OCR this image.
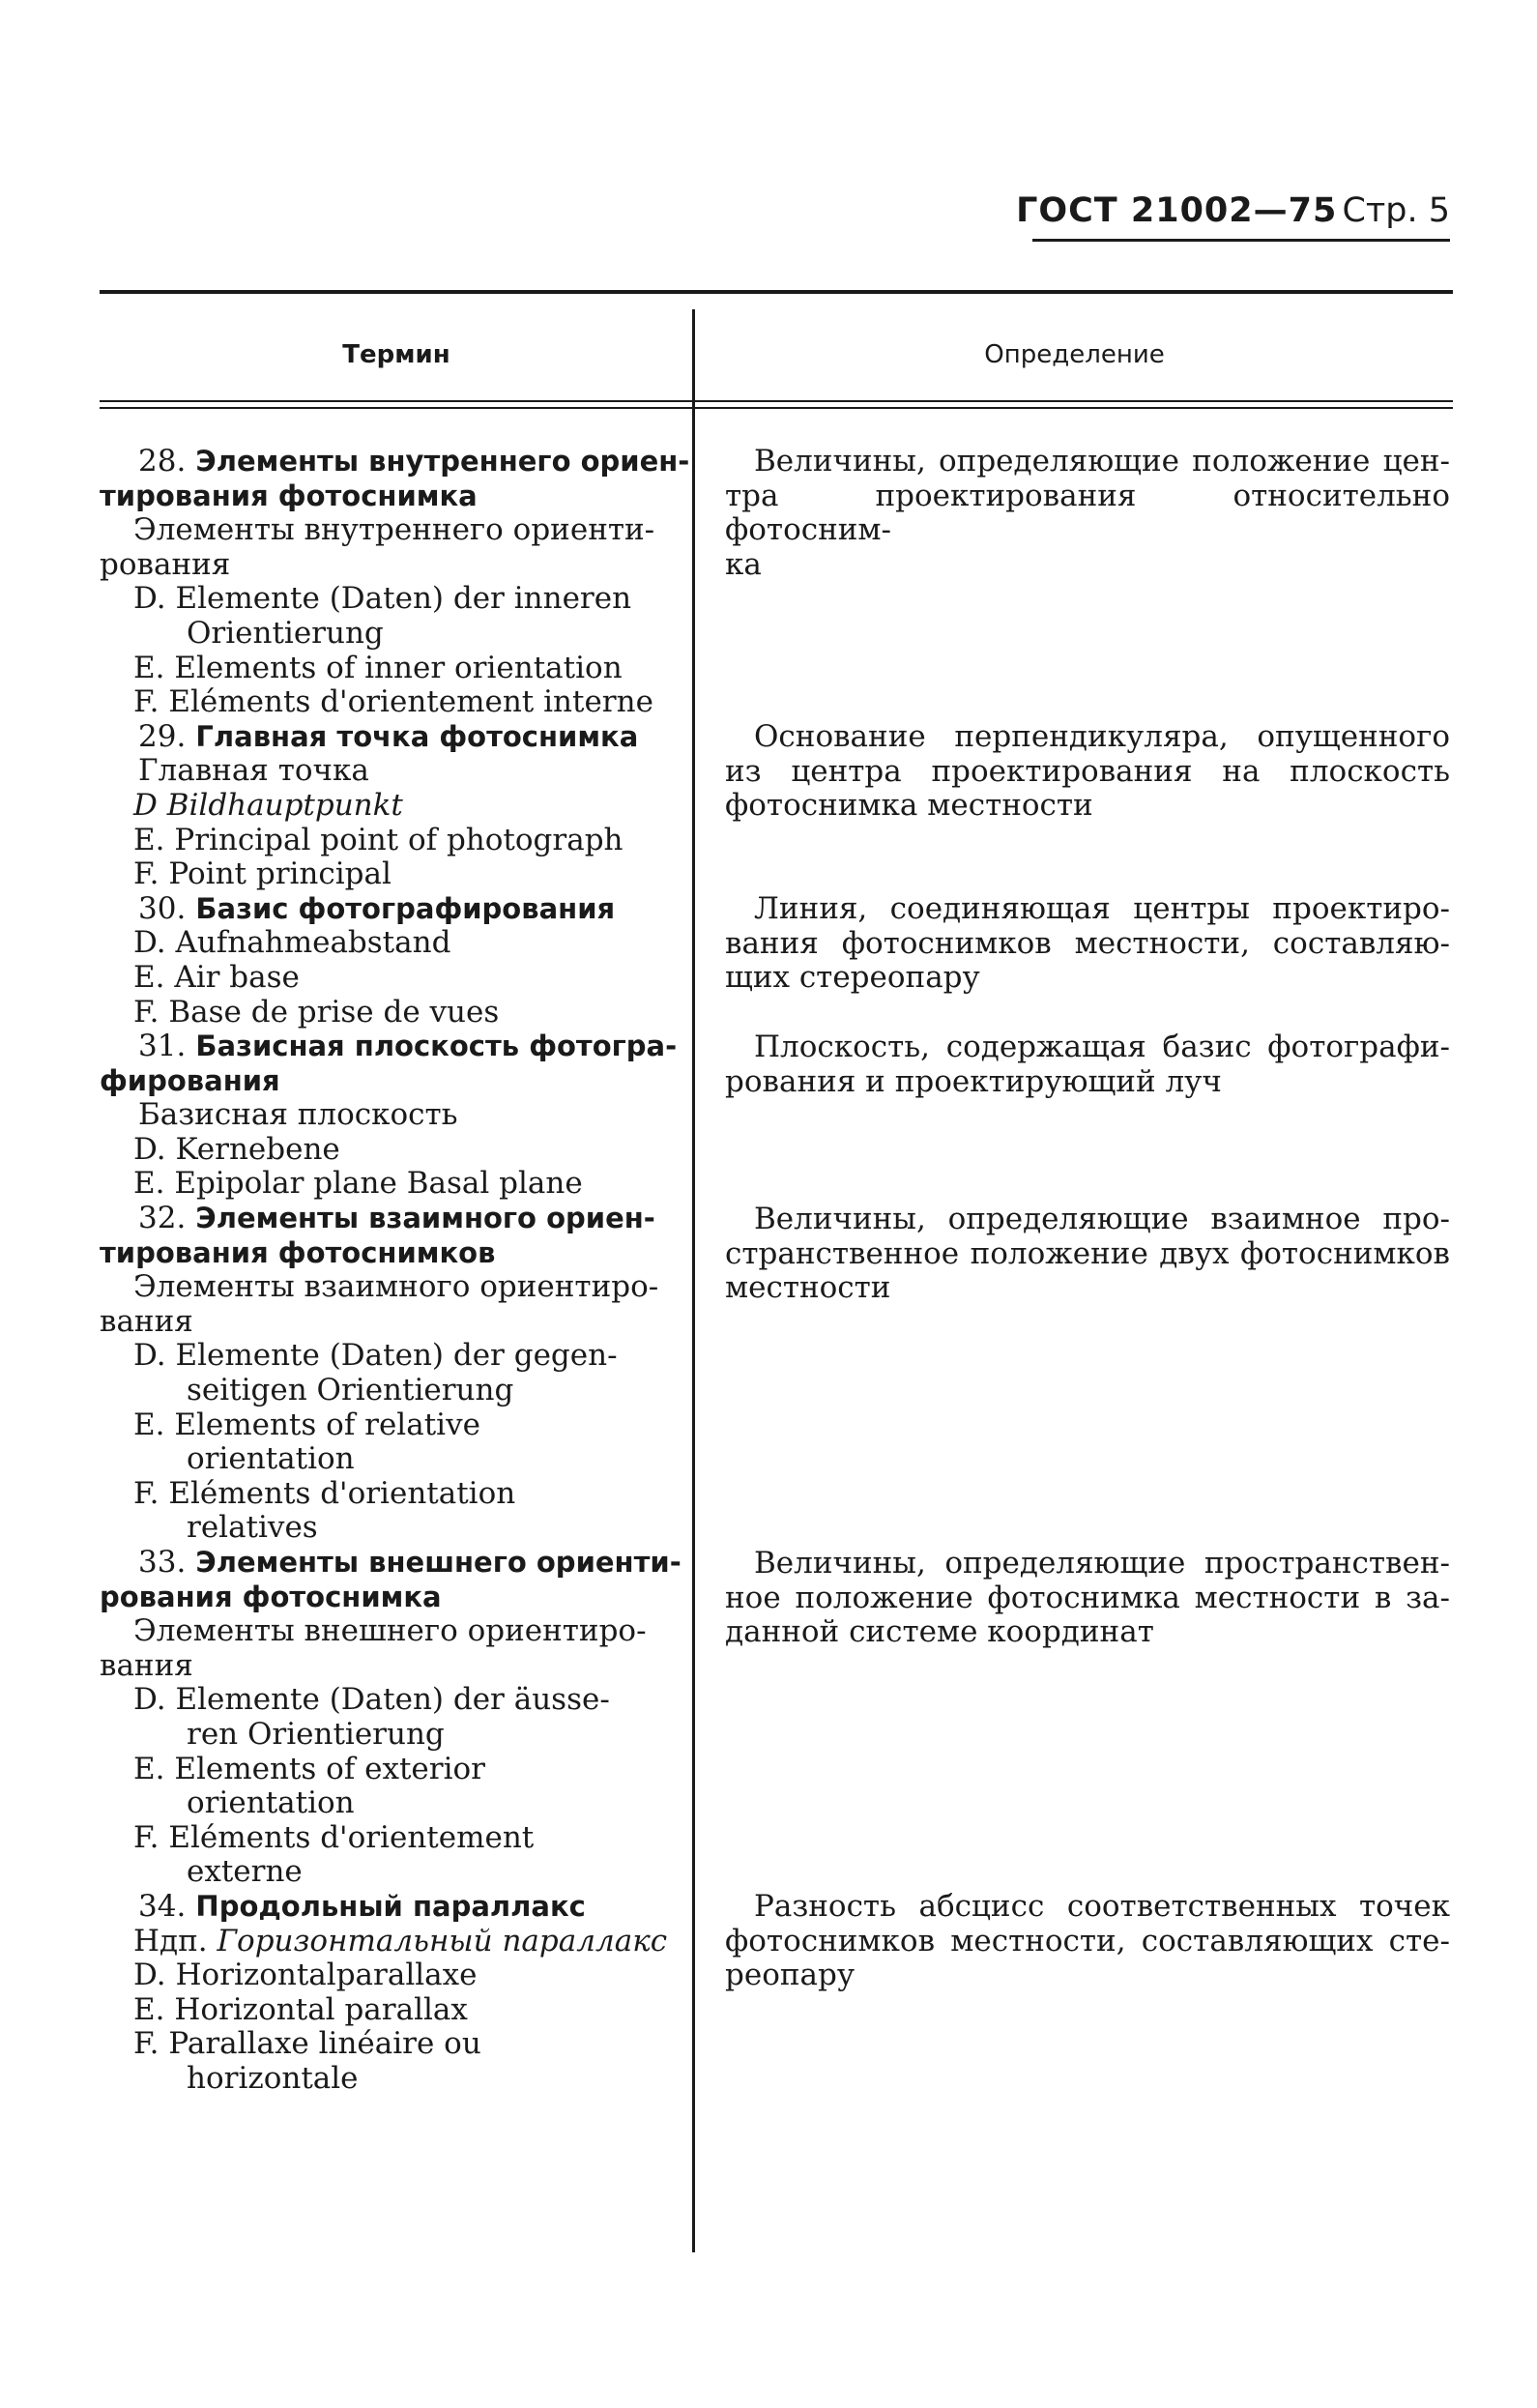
ГОСТ 21002—75 Стр. 5
Термин	Определение
28. Элементы внутреннего ориен-
тирования фотоснимка
Элементы внутреннего ориенти-
рования
D. Elemente (Daten) der inneren
Orientierung
E. Elements of inner orientation
F. Eléments d'orientement interne
29. Главная точка фотоснимка
Главная точка
D Bildhauptpunkt
E. Principal point of photograph
F. Point principal
30. Базис фотографирования
D. Aufnahmeabstand
E. Air base
F. Base de prise de vues
31. Базисная плоскость фотогра-
фирования
Базисная плоскость
D. Kernebene
E. Epipolar plane Basal plane
32. Элементы взаимного ориен-
тирования фотоснимков
Элементы взаимного ориентиро-
вания
D. Elemente (Daten) der gegen-
seitigen Orientierung
E. Elements of relative
orientation
F. Eléments d'orientation
relatives
33. Элементы внешнего ориенти-
рования фотоснимка
Элементы внешнего ориентиро-
вания
D. Elemente (Daten) der äusse-
ren Orientierung
E. Elements of exterior
orientation
F. Eléments d'orientement
externe
34. Продольный параллакс
Ндп. Горизонтальный параллакс
D. Horizontalparallaxe
E. Horizontal parallax
F. Parallaxe linéaire ou
horizontale
Величины, определяющие положение цен-
тра проектирования относительно фотосним-
ка
Основание перпендикуляра, опущенного
из центра проектирования на плоскость
фотоснимка местности
Линия, соединяющая центры проектиро-
вания фотоснимков местности, составляю-
щих стереопару
Плоскость, содержащая базис фотографи-
рования и проектирующий луч
Величины, определяющие взаимное про-
странственное положение двух фотоснимков
местности
Величины, определяющие пространствен-
ное положение фотоснимка местности в за-
данной системе координат
Разность абсцисс соответственных точек
фотоснимков местности, составляющих сте-
реопару
